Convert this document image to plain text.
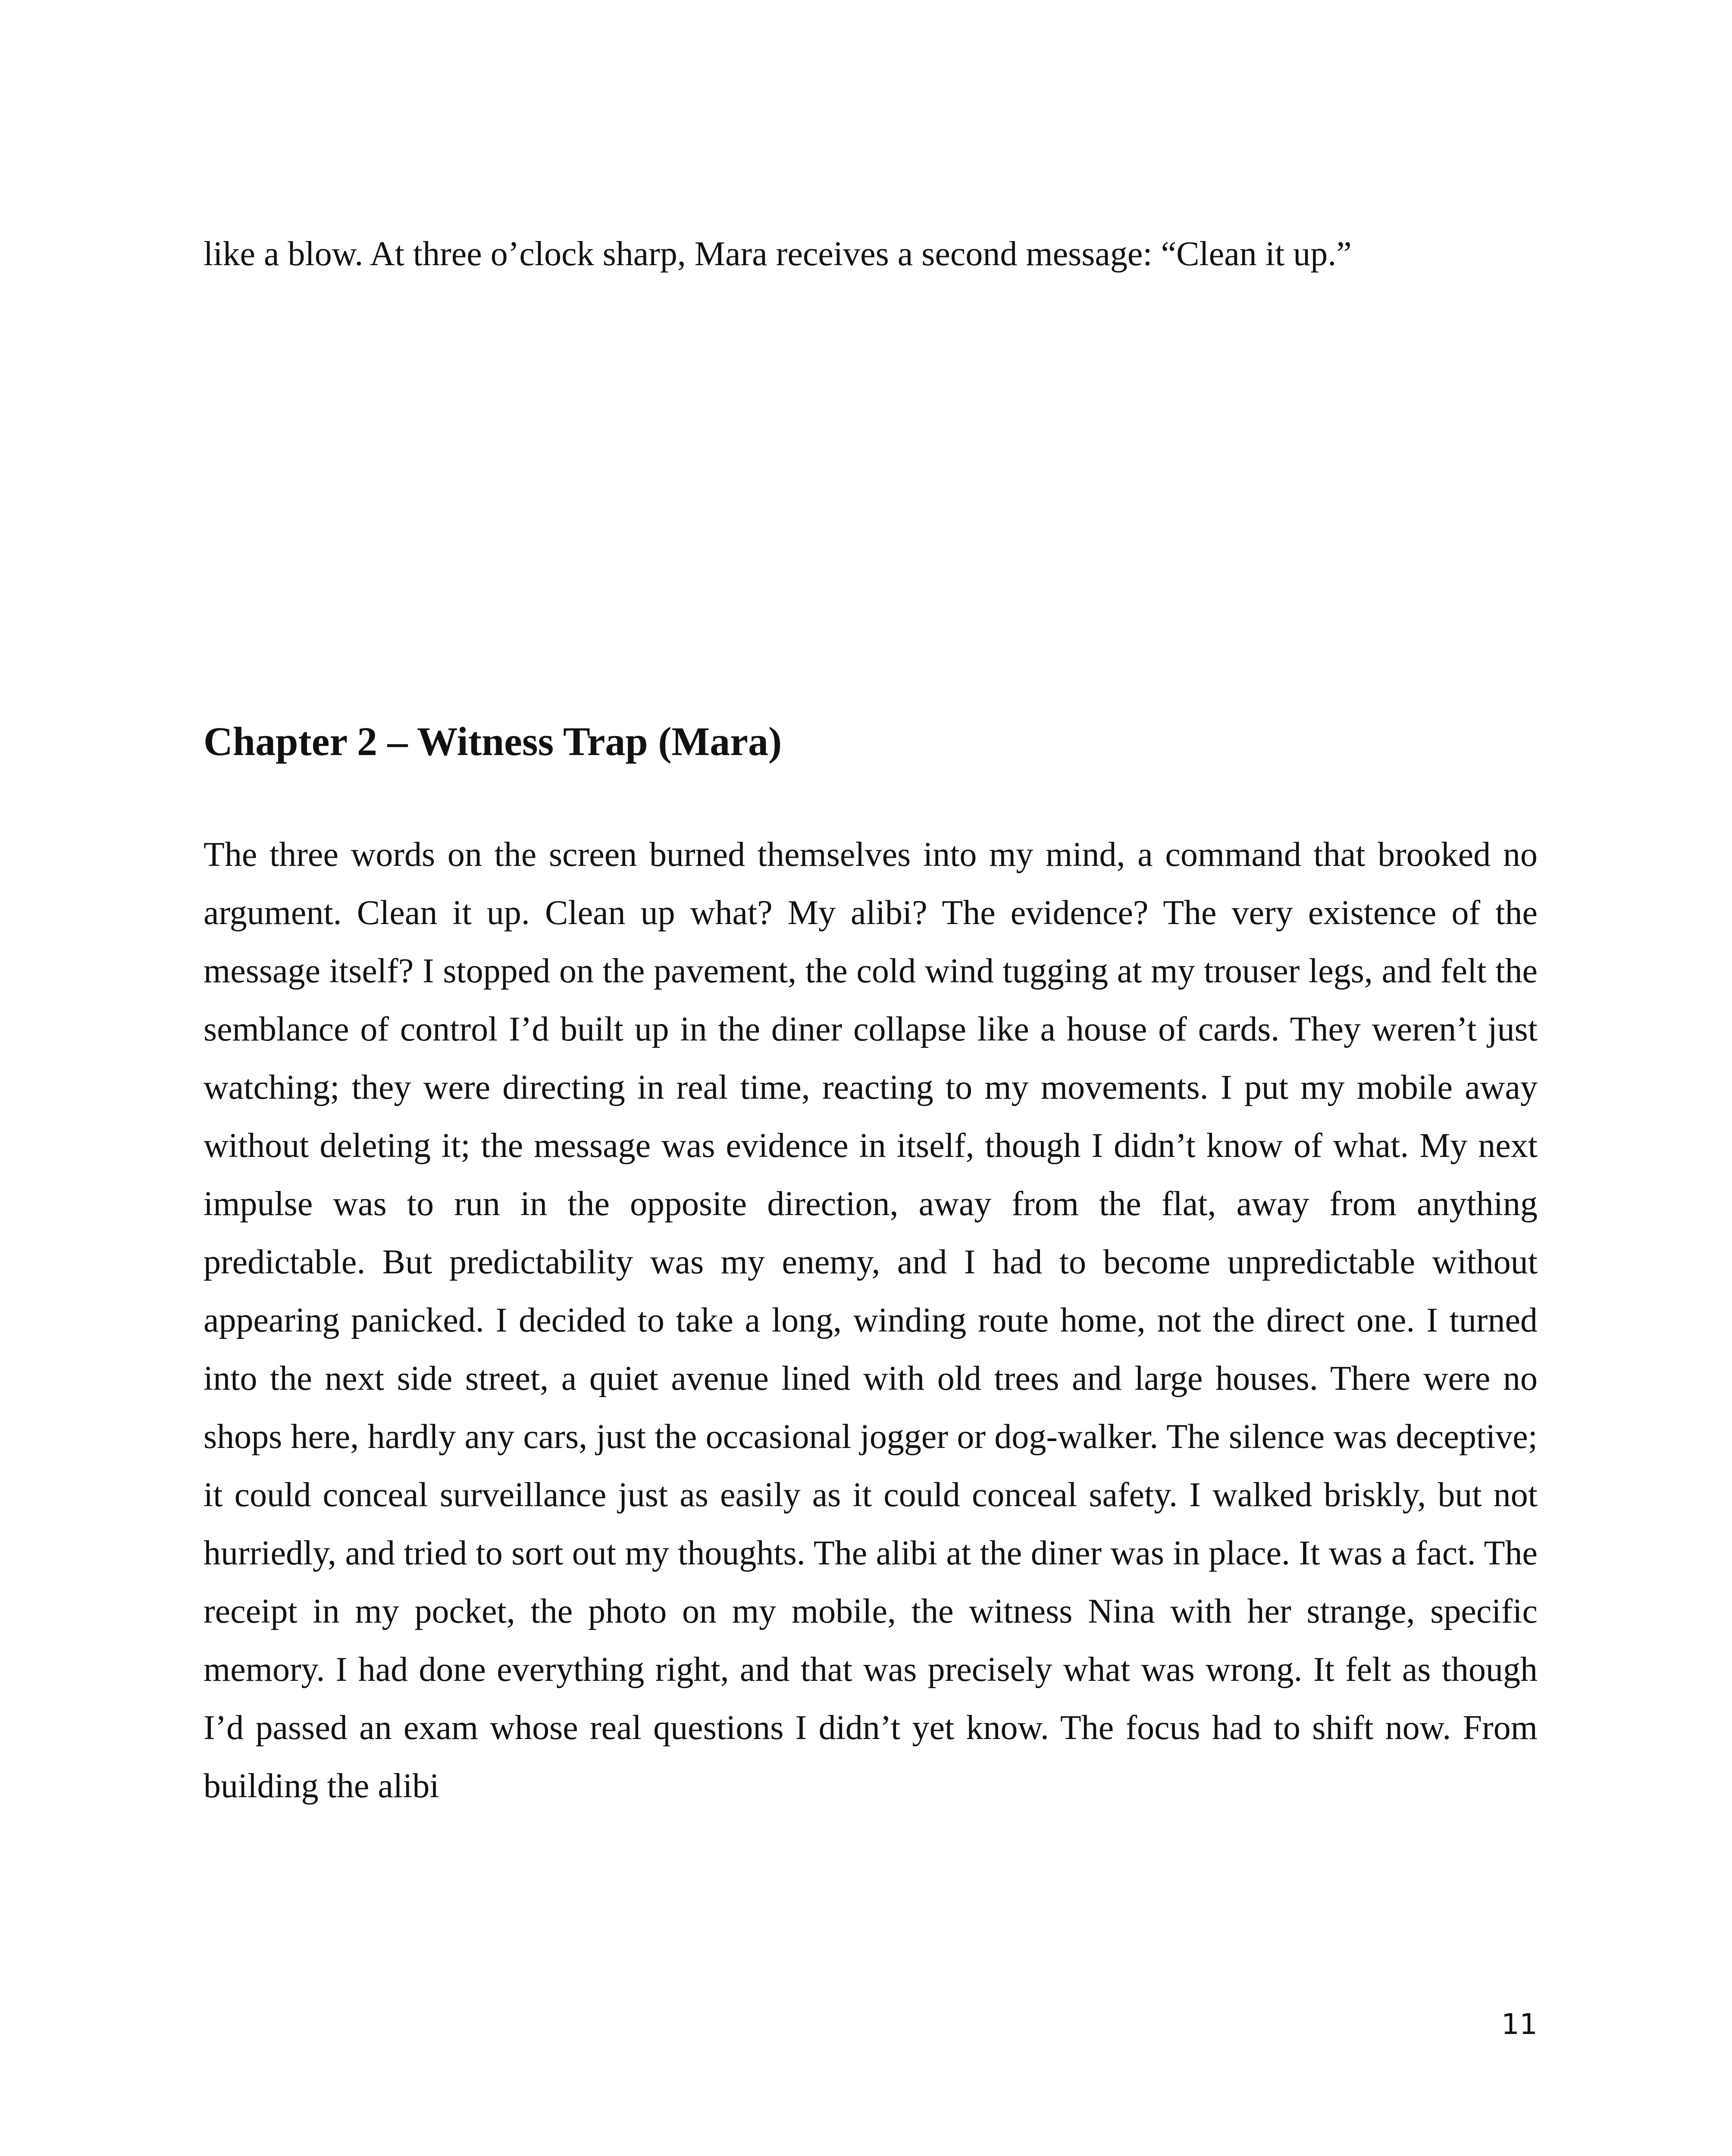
like a blow. At three o’clock sharp, Mara receives a second message: “Clean it up.”

Chapter 2 – Witness Trap (Mara)

The three words on the screen burned themselves into my mind, a command that brooked no argument. Clean it up. Clean up what? My alibi? The evidence? The very existence of the message itself? I stopped on the pavement, the cold wind tugging at my trouser legs, and felt the semblance of control I’d built up in the diner collapse like a house of cards. They weren’t just watching; they were directing in real time, reacting to my movements. I put my mobile away without deleting it; the message was evidence in itself, though I didn’t know of what. My next impulse was to run in the opposite direction, away from the flat, away from anything predictable. But predictability was my enemy, and I had to become unpredictable without appearing panicked. I decided to take a long, winding route home, not the direct one. I turned into the next side street, a quiet avenue lined with old trees and large houses. There were no shops here, hardly any cars, just the occasional jogger or dog-walker. The silence was deceptive; it could conceal surveillance just as easily as it could conceal safety. I walked briskly, but not hurriedly, and tried to sort out my thoughts. The alibi at the diner was in place. It was a fact. The receipt in my pocket, the photo on my mobile, the witness Nina with her strange, specific memory. I had done everything right, and that was precisely what was wrong. It felt as though I’d passed an exam whose real questions I didn’t yet know. The focus had to shift now. From building the alibi

11
